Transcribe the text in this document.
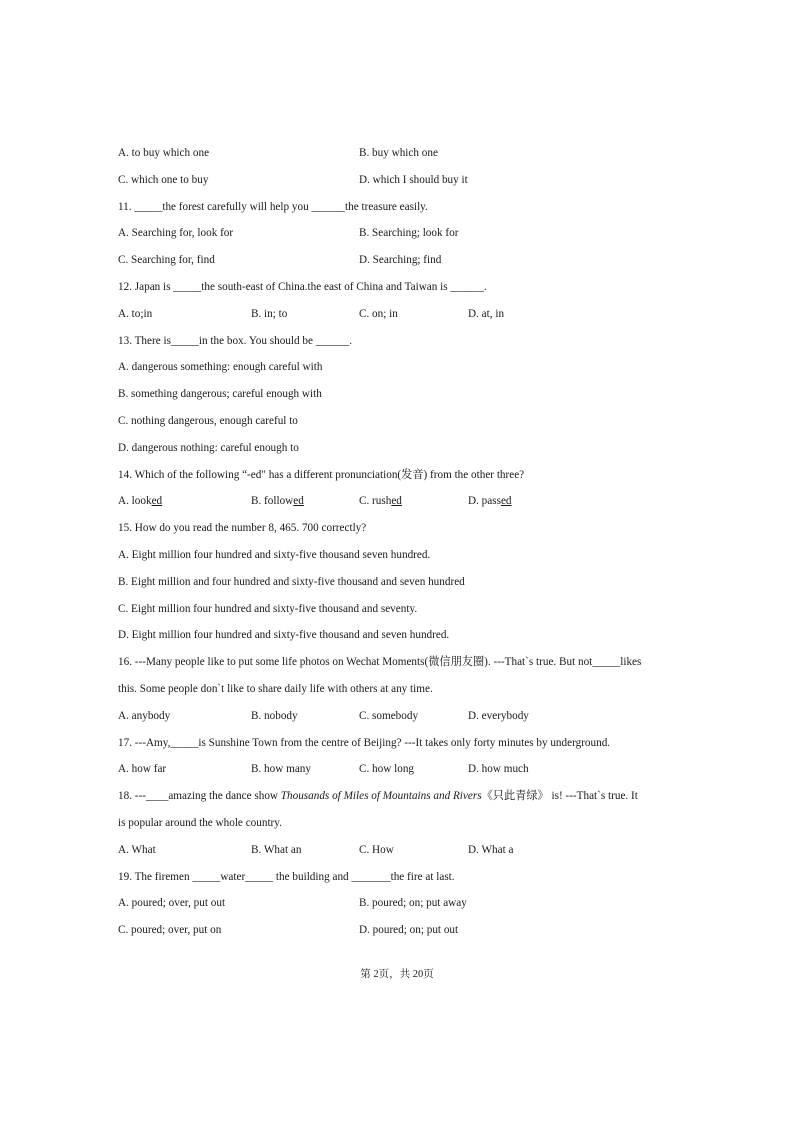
A. to buy which one	B. buy which one
C. which one to buy	D. which I should buy it
11. _____the forest carefully will help you ______the treasure easily.
A. Searching for, look for	B. Searching; look for
C. Searching for, find	D. Searching; find
12. Japan is _____the south-east of China.the east of China and Taiwan is ______.
A. to;in	B. in; to	C. on; in	D. at, in
13. There is_____in the box. You should be ______.
A. dangerous something: enough careful with
B. something dangerous; careful enough with
C. nothing dangerous, enough careful to
D. dangerous nothing: careful enough to
14. Which of the following “-ed" has a different pronunciation(发音) from the other three?
A. looked	B. followed	C. rushed	D. passed
15. How do you read the number 8, 465. 700 correctly?
A. Eight million four hundred and sixty-five thousand seven hundred.
B. Eight million and four hundred and sixty-five thousand and seven hundred
C. Eight million four hundred and sixty-five thousand and seventy.
D. Eight million four hundred and sixty-five thousand and seven hundred.
16. ---Many people like to put some life photos on Wechat Moments(微信朋友圈). ---That`s true. But not_____likes
this. Some people don`t like to share daily life with others at any time.
A. anybody	B. nobody	C. somebody	D. everybody
17. ---Amy,_____is Sunshine Town from the centre of Beijing? ---It takes only forty minutes by underground.
A. how far	B. how many	C. how long	D. how much
18. ---____amazing the dance show Thousands of Miles of Mountains and Rivers《只此青绿》 is! ---That`s true. It
is popular around the whole country.
A. What	B. What an	C. How	D. What a
19. The firemen _____water_____ the building and _______the fire at last.
A. poured; over, put out	B. poured; on; put away
C. poured; over, put on	D. poured; on; put out
第 2页，共 20页
